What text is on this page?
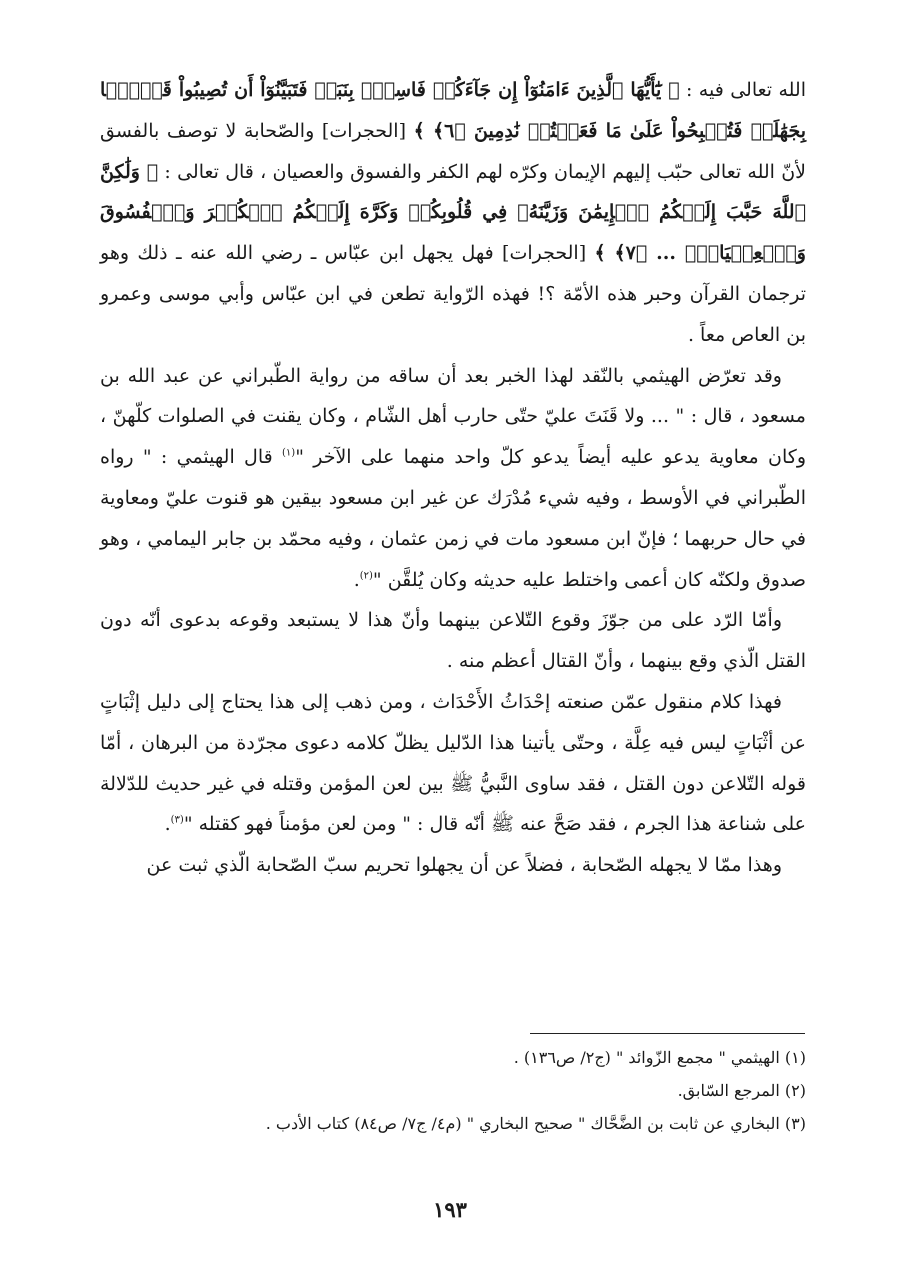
الله تعالى فيه : ﴿ يَٰٓأَيُّهَا ٱلَّذِينَ ءَامَنُوٓاْ إِن جَآءَكُمۡ فَاسِقُۢ بِنَبَإٖ فَتَبَيَّنُوٓاْ أَن تُصِيبُواْ قَوۡمَۢا بِجَهَٰلَةٖ فَتُصۡبِحُواْ عَلَىٰ مَا فَعَلۡتُمۡ نَٰدِمِينَ ﴿٦﴾ ﴾ [الحجرات] والصّحابة لا توصف بالفسق لأنّ الله تعالى حبّب إليهم الإيمان وكرّه لهم الكفر والفسوق والعصيان ، قال تعالى : ﴿ وَلَٰكِنَّ ٱللَّهَ حَبَّبَ إِلَيۡكُمُ ٱلۡإِيمَٰنَ وَزَيَّنَهُۥ فِي قُلُوبِكُمۡ وَكَرَّهَ إِلَيۡكُمُ ٱلۡكُفۡرَ وَٱلۡفُسُوقَ وَٱلۡعِصۡيَانَۚ ... ﴿٧﴾ ﴾ [الحجرات] فهل يجهل ابن عبّاس ـ رضي الله عنه ـ ذلك وهو ترجمان القرآن وحبر هذه الأمّة ؟! فهذه الرّواية تطعن في ابن عبّاس وأبي موسى وعمرو بن العاص معاً .

وقد تعرّض الهيثمي بالنّقد لهذا الخبر بعد أن ساقه من رواية الطّبراني عن عبد الله بن مسعود ، قال : " ... ولا قَنَتَ عليّ حتّى حارب أهل الشّام ، وكان يقنت في الصلوات كلّهنّ ، وكان معاوية يدعو عليه أيضاً يدعو كلّ واحد منهما على الآخر "$^{(١)}$ قال الهيثمي : " رواه الطّبراني في الأوسط ، وفيه شيء مُدْرَك عن غير ابن مسعود بيقين هو قنوت عليّ ومعاوية في حال حربهما ؛ فإنّ ابن مسعود مات في زمن عثمان ، وفيه محمّد بن جابر اليمامي ، وهو صدوق ولكنّه كان أعمى واختلط عليه حديثه وكان يُلقَّن "$^{(٢)}$.

وأمّا الرّد على من جوّزَ وقوع التّلاعن بينهما وأنّ هذا لا يستبعد وقوعه بدعوى أنّه دون القتل الّذي وقع بينهما ، وأنّ القتال أعظم منه .

فهذا كلام منقول عمّن صنعته إحْدَاثُ الأَحْدَاث ، ومن ذهب إلى هذا يحتاج إلى دليل إثْبَاتٍ عن أثْبَاتٍ ليس فيه عِلَّة ، وحتّى يأتينا هذا الدّليل يظلّ كلامه دعوى مجرّدة من البرهان ، أمّا قوله التّلاعن دون القتل ، فقد ساوى النَّبيُّ ﷺ بين لعن المؤمن وقتله في غير حديث للدّلالة على شناعة هذا الجرم ، فقد صَحَّ عنه ﷺ أنّه قال : " ومن لعن مؤمناً فهو كقتله "$^{(٣)}$.

وهذا ممّا لا يجهله الصّحابة ، فضلاً عن أن يجهلوا تحريم سبّ الصّحابة الّذي ثبت عن

(١) الهيثمي " مجمع الزّوائد " (ج٢/ ص١٣٦) .

(٢) المرجع السّابق.

(٣) البخاري عن ثابت بن الضَّحَّاك " صحيح البخاري " (م٤/ ج٧/ ص٨٤) كتاب الأدب .

١٩٣
